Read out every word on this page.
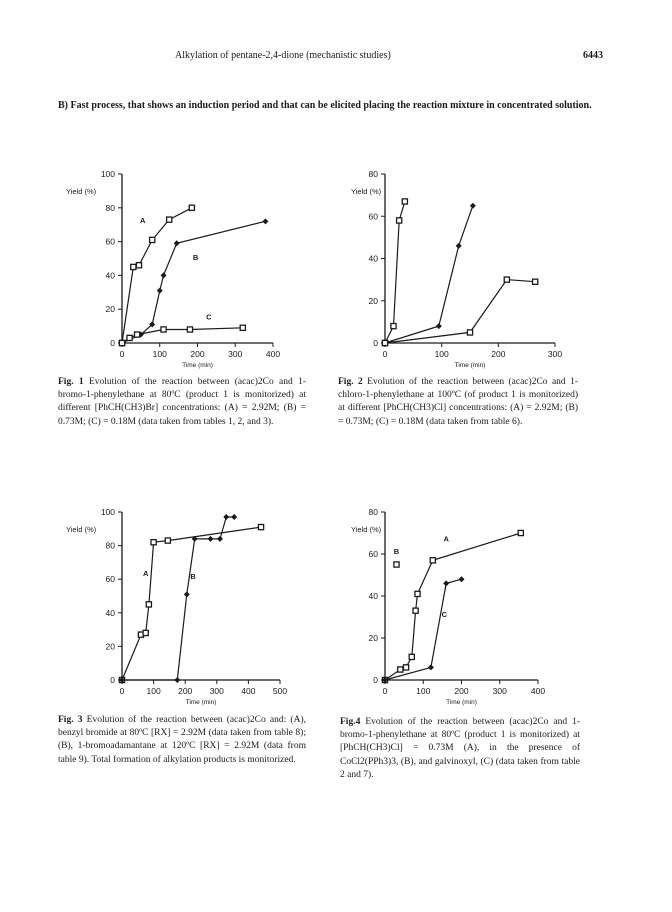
Alkylation of pentane-2,4-dione (mechanistic studies)	6443
B) Fast process, that shows an induction period and that can be elicited placing the reaction mixture in concentrated solution.
0
20
40
60
80
100
0	100	200	300	400
Yield (%)
Time (min)
A
B
C
Fig. 1 Evolution of the reaction between (acac)2Co and 1-bromo-1-phenylethane at 80ºC (product 1 is monitorized) at different [PhCH(CH3)Br] concentrations: (A) = 2.92M; (B) = 0.73M; (C) = 0.18M (data taken from tables 1, 2, and 3).
0
20
40
60
80
0	100	200	300
Yield (%)
Time (min)
Fig. 2 Evolution of the reaction between (acac)2Co and 1-chloro-1-phenylethane at 100ºC (of product 1 is monitorized) at different [PhCH(CH3)Cl] concentrations: (A) = 2.92M; (B) = 0.73M; (C) = 0.18M (data taken from table 6).
0
20
40
60
80
100
0	100 200 300 400 500
Yield (%)
Time (min)
A	B
Fig. 3 Evolution of the reaction between (acac)2Co and: (A), benzyl bromide at 80ºC [RX] = 2.92M (data taken from table 8); (B), 1-bromoadamantane at 120ºC [RX] = 2.92M (data from table 9). Total formation of alkylation products is monitorized.
0
20
40
60
80
0	100	200	300	400
Yield (%)
Time (min)
A
B
C
Fig.4 Evolution of the reaction between (acac)2Co and 1-bromo-1-phenylethane at 80ºC (product 1 is monitorized) at [PhCH(CH3)Cl] = 0.73M (A), in the presence of CoCl2(PPh3)3, (B), and galvinoxyl, (C) (data taken from table 2 and 7).
